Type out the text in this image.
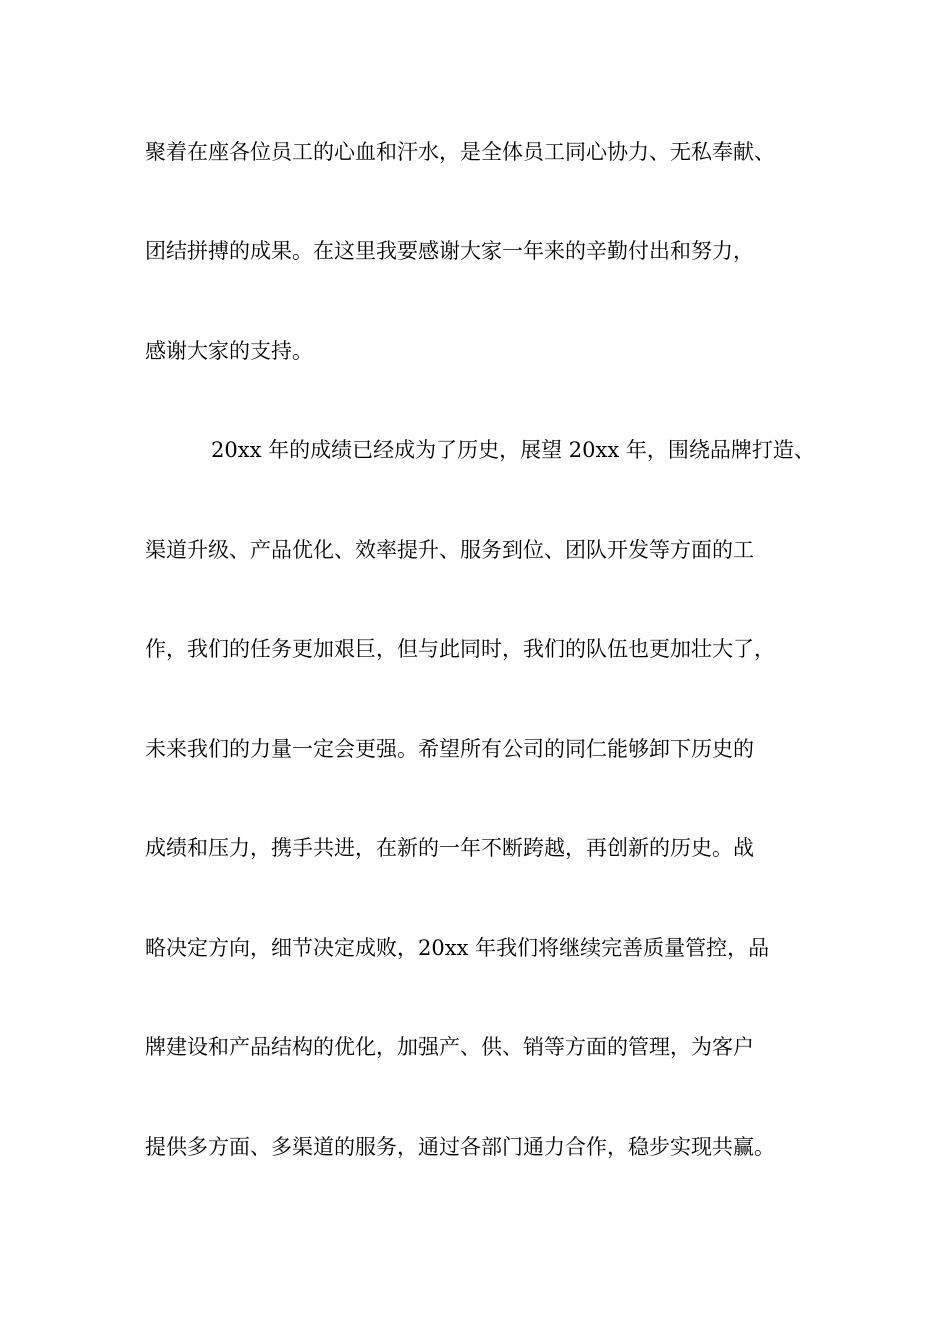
聚着在座各位员工的心血和汗水，是全体员工同心协力、无私奉献、
团结拼搏的成果。在这里我要感谢大家一年来的辛勤付出和努力，
感谢大家的支持。
20xx 年的成绩已经成为了历史，展望 20xx 年，围绕品牌打造、
渠道升级、产品优化、效率提升、服务到位、团队开发等方面的工
作，我们的任务更加艰巨，但与此同时，我们的队伍也更加壮大了，
未来我们的力量一定会更强。希望所有公司的同仁能够卸下历史的
成绩和压力，携手共进，在新的一年不断跨越，再创新的历史。战
略决定方向，细节决定成败，20xx 年我们将继续完善质量管控，品
牌建设和产品结构的优化，加强产、供、销等方面的管理，为客户
提供多方面、多渠道的服务，通过各部门通力合作，稳步实现共赢。
